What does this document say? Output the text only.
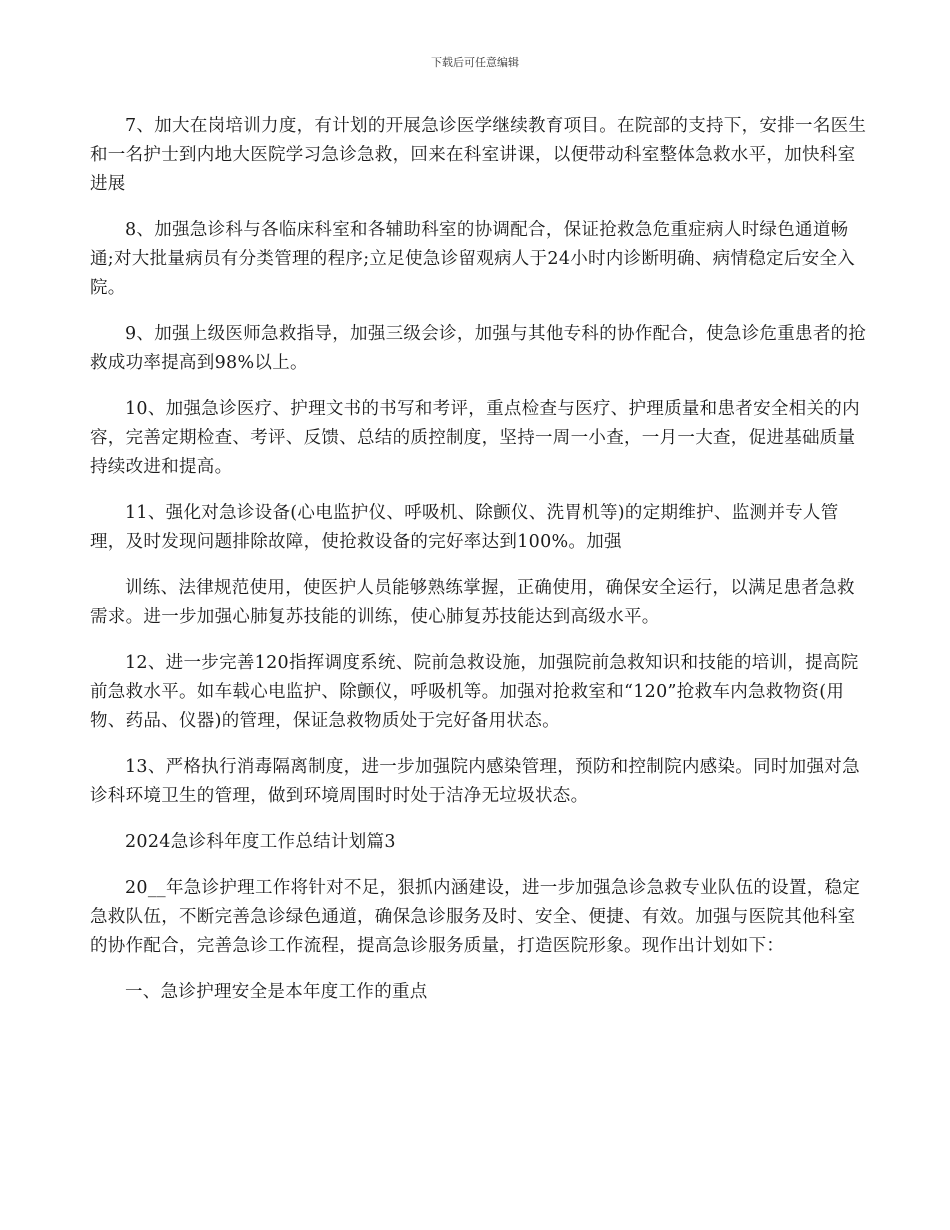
下载后可任意编辑

7、加大在岗培训力度，有计划的开展急诊医学继续教育项目。在院部的支持下，安排一名医生和一名护士到内地大医院学习急诊急救，回来在科室讲课，以便带动科室整体急救水平，加快科室进展

8、加强急诊科与各临床科室和各辅助科室的协调配合，保证抢救急危重症病人时绿色通道畅通;对大批量病员有分类管理的程序;立足使急诊留观病人于24小时内诊断明确、病情稳定后安全入院。

9、加强上级医师急救指导，加强三级会诊，加强与其他专科的协作配合，使急诊危重患者的抢救成功率提高到98%以上。

10、加强急诊医疗、护理文书的书写和考评，重点检查与医疗、护理质量和患者安全相关的内容，完善定期检查、考评、反馈、总结的质控制度，坚持一周一小查，一月一大查，促进基础质量持续改进和提高。

11、强化对急诊设备(心电监护仪、呼吸机、除颤仪、洗胃机等)的定期维护、监测并专人管理，及时发现问题排除故障，使抢救设备的完好率达到100%。加强

训练、法律规范使用，使医护人员能够熟练掌握，正确使用，确保安全运行，以满足患者急救需求。进一步加强心肺复苏技能的训练，使心肺复苏技能达到高级水平。

12、进一步完善120指挥调度系统、院前急救设施，加强院前急救知识和技能的培训，提高院前急救水平。如车载心电监护、除颤仪，呼吸机等。加强对抢救室和“120”抢救车内急救物资(用物、药品、仪器)的管理，保证急救物质处于完好备用状态。

13、严格执行消毒隔离制度，进一步加强院内感染管理，预防和控制院内感染。同时加强对急诊科环境卫生的管理，做到环境周围时时处于洁净无垃圾状态。

2024急诊科年度工作总结计划篇3

20__年急诊护理工作将针对不足，狠抓内涵建设，进一步加强急诊急救专业队伍的设置，稳定急救队伍，不断完善急诊绿色通道，确保急诊服务及时、安全、便捷、有效。加强与医院其他科室的协作配合，完善急诊工作流程，提高急诊服务质量，打造医院形象。现作出计划如下：

一、急诊护理安全是本年度工作的重点
